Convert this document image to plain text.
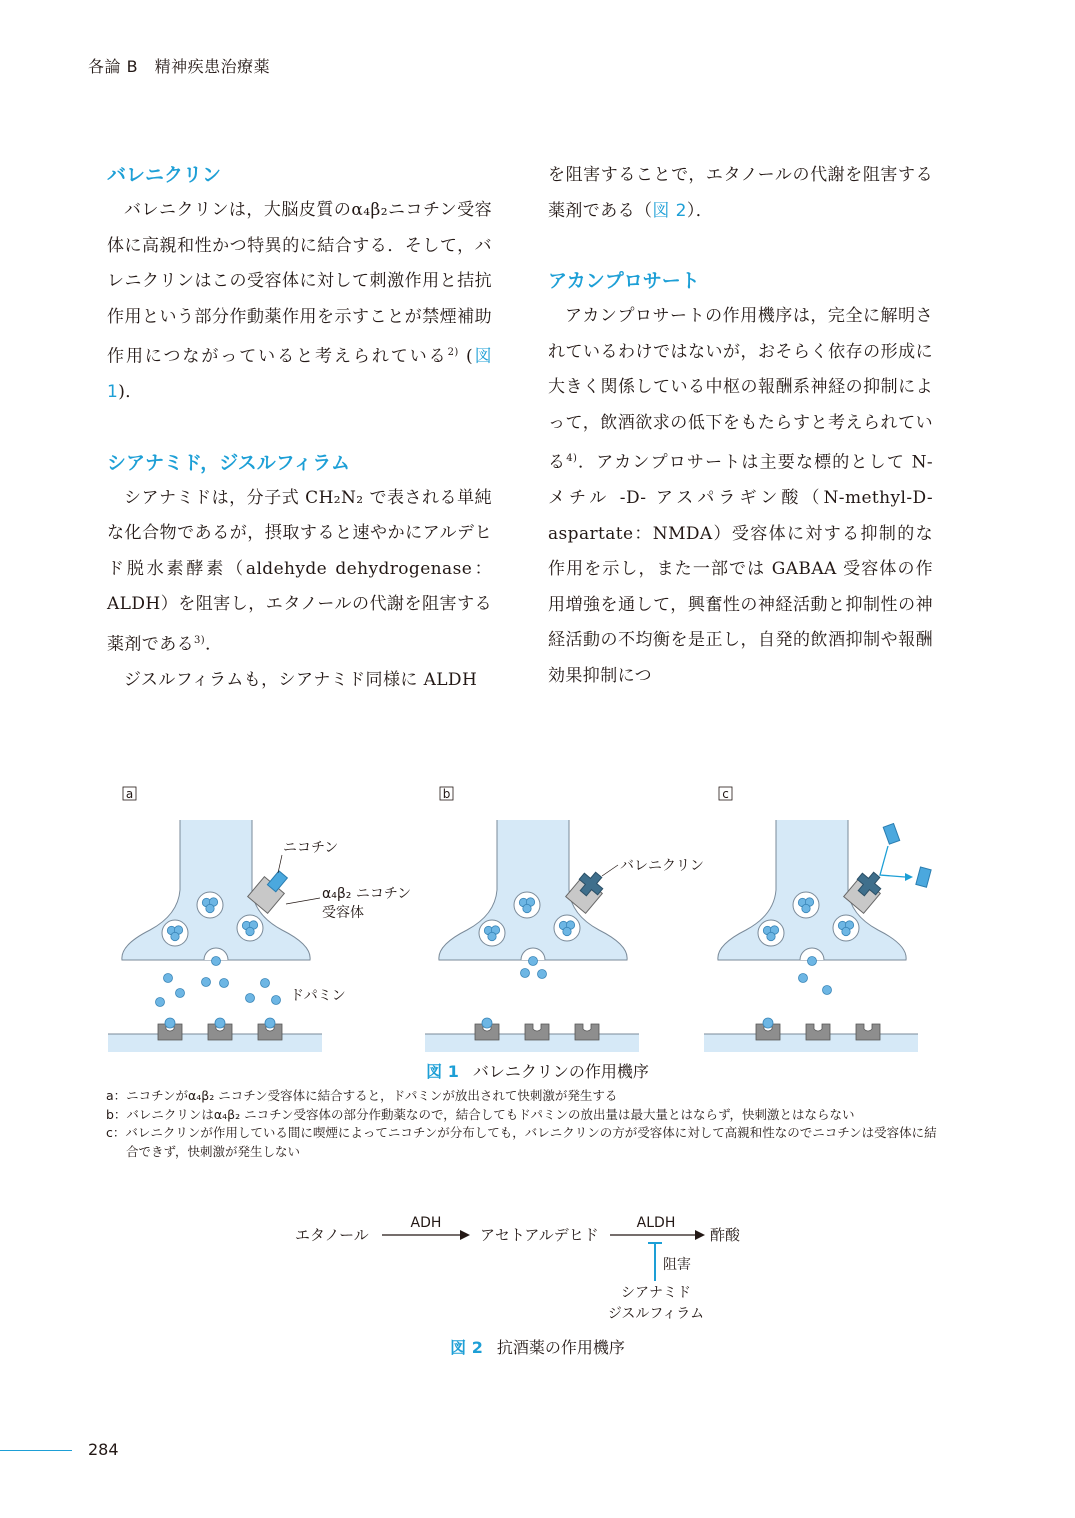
各論 B　精神疾患治療薬
バレニクリン

バレニクリンは，大脳皮質のα₄β₂ニコチン受容体に高親和性かつ特異的に結合する．そして，バレニクリンはこの受容体に対して刺激作用と拮抗作用という部分作動薬作用を示すことが禁煙補助作用につながっていると考えられている$^{2)}$ (図 1)．

シアナミド，ジスルフィラム

シアナミドは，分子式 CH₂N₂ で表される単純な化合物であるが，摂取すると速やかにアルデヒド脱水素酵素（aldehyde dehydrogenase：ALDH）を阻害し，エタノールの代謝を阻害する薬剤である$^{3)}$．

ジスルフィラムも，シアナミド同様に ALDH

を阻害することで，エタノールの代謝を阻害する薬剤である（図 2）．

アカンプロサート

アカンプロサートの作用機序は，完全に解明されているわけではないが，おそらく依存の形成に大きく関係している中枢の報酬系神経の抑制によって，飲酒欲求の低下をもたらすと考えられている$^{4)}$．アカンプロサートは主要な標的として N- メチル -D- アスパラギン酸（N-methyl-D-aspartate：NMDA）受容体に対する抑制的な作用を示し，また一部では GABAA 受容体の作用増強を通して，興奮性の神経活動と抑制性の神経活動の不均衡を是正し，自発的飲酒抑制や報酬効果抑制につ

a	b	c
ニコチン
α₄β₂ ニコチン
受容体
ドパミン
バレニクリン
図 1 バレニクリンの作用機序
a：ニコチンがα₄β₂ ニコチン受容体に結合すると，ドパミンが放出されて快刺激が発生する
b：バレニクリンはα₄β₂ ニコチン受容体の部分作動薬なので，結合してもドパミンの放出量は最大量とはならず，快刺激とはならない
c：バレニクリンが作用している間に喫煙によってニコチンが分布しても，バレニクリンの方が受容体に対して高親和性なのでニコチンは受容体に結合できず，快刺激が発生しない
エタノール
ADH
アセトアルデヒド
ALDH
酢酸
阻害
シアナミド
ジスルフィラム
図 2 抗酒薬の作用機序
284
